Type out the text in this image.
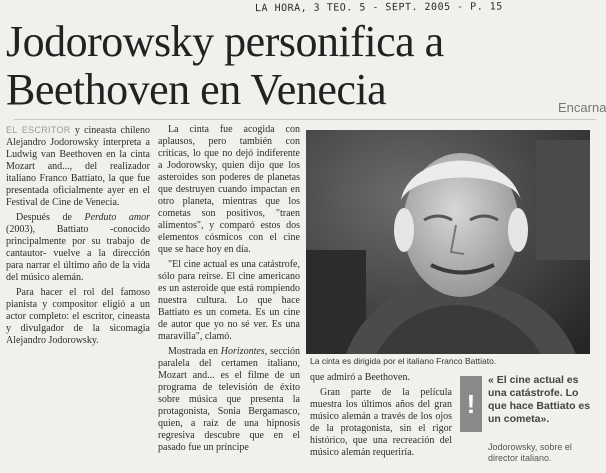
LA HORA, 3 TEO. 5 - SEPT. 2005 - P. 15
Jodorowsky personifica a Beethoven en Venecia	Encarna

EL ESCRITOR y cineasta chileno Alejandro Jodorowsky interpreta a Ludwig van Beethoven en la cinta Mozart and..., del realizador italiano Franco Battiato, la que fue presentada oficialmente ayer en el Festival de Cine de Venecia.

Después de Perduto amor (2003), Battiato -conocido principalmente por su trabajo de cantautor- vuelve a la dirección para narrar el último año de la vida del músico alemán.

Para hacer el rol del famoso pianista y compositor eligió a un actor completo: el escritor, cineasta y divulgador de la sicomagia Alejandro Jodorowsky.

La cinta fue acogida con aplausos, pero también con críticas, lo que no dejó indiferente a Jodorowsky, quien dijo que los asteroides son poderes de planetas que destruyen cuando impactan en otro planeta, mientras que los cometas son positivos, "traen alimentos", y comparó estos dos elementos cósmicos con el cine que se hace hoy en día.

"El cine actual es una catástrofe, sólo para reírse. El cine americano es un asteroide que está rompiendo nuestra cultura. Lo que hace Battiato es un cometa. Es un cine de autor que yo no sé ver. Es una maravilla", clamó.

Mostrada en Horizontes, sección paralela del certamen italiano, Mozart and... es el filme de un programa de televisión de éxito sobre música que presenta la protagonista, Sonia Bergamasco, quien, a raíz de una hipnosis regresiva descubre que en el pasado fue un príncipe

La cinta es dirigida por el italiano Franco Battiato.

que admiró a Beethoven.

Gran parte de la película muestra los últimos años del gran músico alemán a través de los ojos de la protagonista, sin el rigor histórico, que una recreación del músico alemán requeriría.

!
« El cine actual es una catástrofe. Lo que hace Battiato es un cometa».
Jodorowsky, sobre el director italiano.
